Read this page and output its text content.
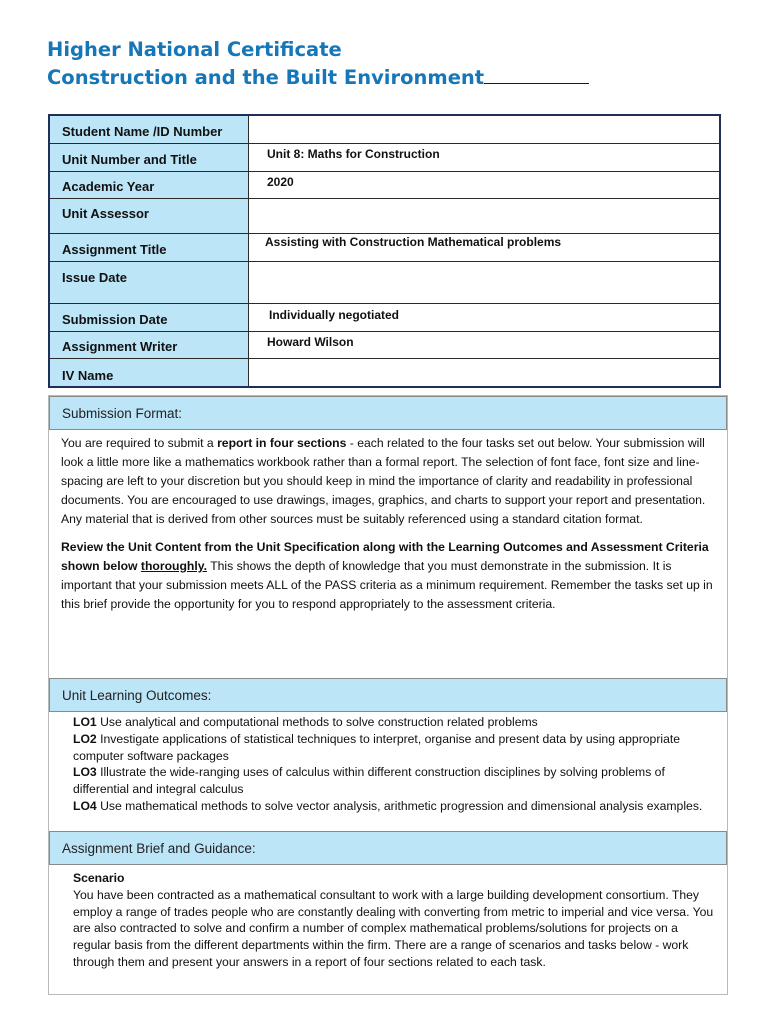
Higher National Certificate
Construction and the Built Environment
Student Name /ID Number
Unit Number and Title	Unit 8: Maths for Construction
Academic Year	2020
Unit Assessor
Assignment Title	Assisting with Construction Mathematical problems
Issue Date
Submission Date	Individually negotiated
Assignment Writer	Howard Wilson
IV Name
Submission Format:

You are required to submit a report in four sections - each related to the four tasks set out below. Your submission will look a little more like a mathematics workbook rather than a formal report. The selection of font face, font size and line- spacing are left to your discretion but you should keep in mind the importance of clarity and readability in professional documents. You are encouraged to use drawings, images, graphics, and charts to support your report and presentation. Any material that is derived from other sources must be suitably referenced using a standard citation format.

Review the Unit Content from the Unit Specification along with the Learning Outcomes and Assessment Criteria shown below thoroughly. This shows the depth of knowledge that you must demonstrate in the submission. It is important that your submission meets ALL of the PASS criteria as a minimum requirement. Remember the tasks set up in this brief provide the opportunity for you to respond appropriately to the assessment criteria.

Unit Learning Outcomes:

LO1 Use analytical and computational methods to solve construction related problems

LO2 Investigate applications of statistical techniques to interpret, organise and present data by using appropriate computer software packages

LO3 Illustrate the wide-ranging uses of calculus within different construction disciplines by solving problems of differential and integral calculus

LO4 Use mathematical methods to solve vector analysis, arithmetic progression and dimensional analysis examples.

Assignment Brief and Guidance:

Scenario

You have been contracted as a mathematical consultant to work with a large building development consortium. They employ a range of trades people who are constantly dealing with converting from metric to imperial and vice versa. You are also contracted to solve and confirm a number of complex mathematical problems/solutions for projects on a regular basis from the different departments within the firm. There are a range of scenarios and tasks below - work through them and present your answers in a report of four sections related to each task.
